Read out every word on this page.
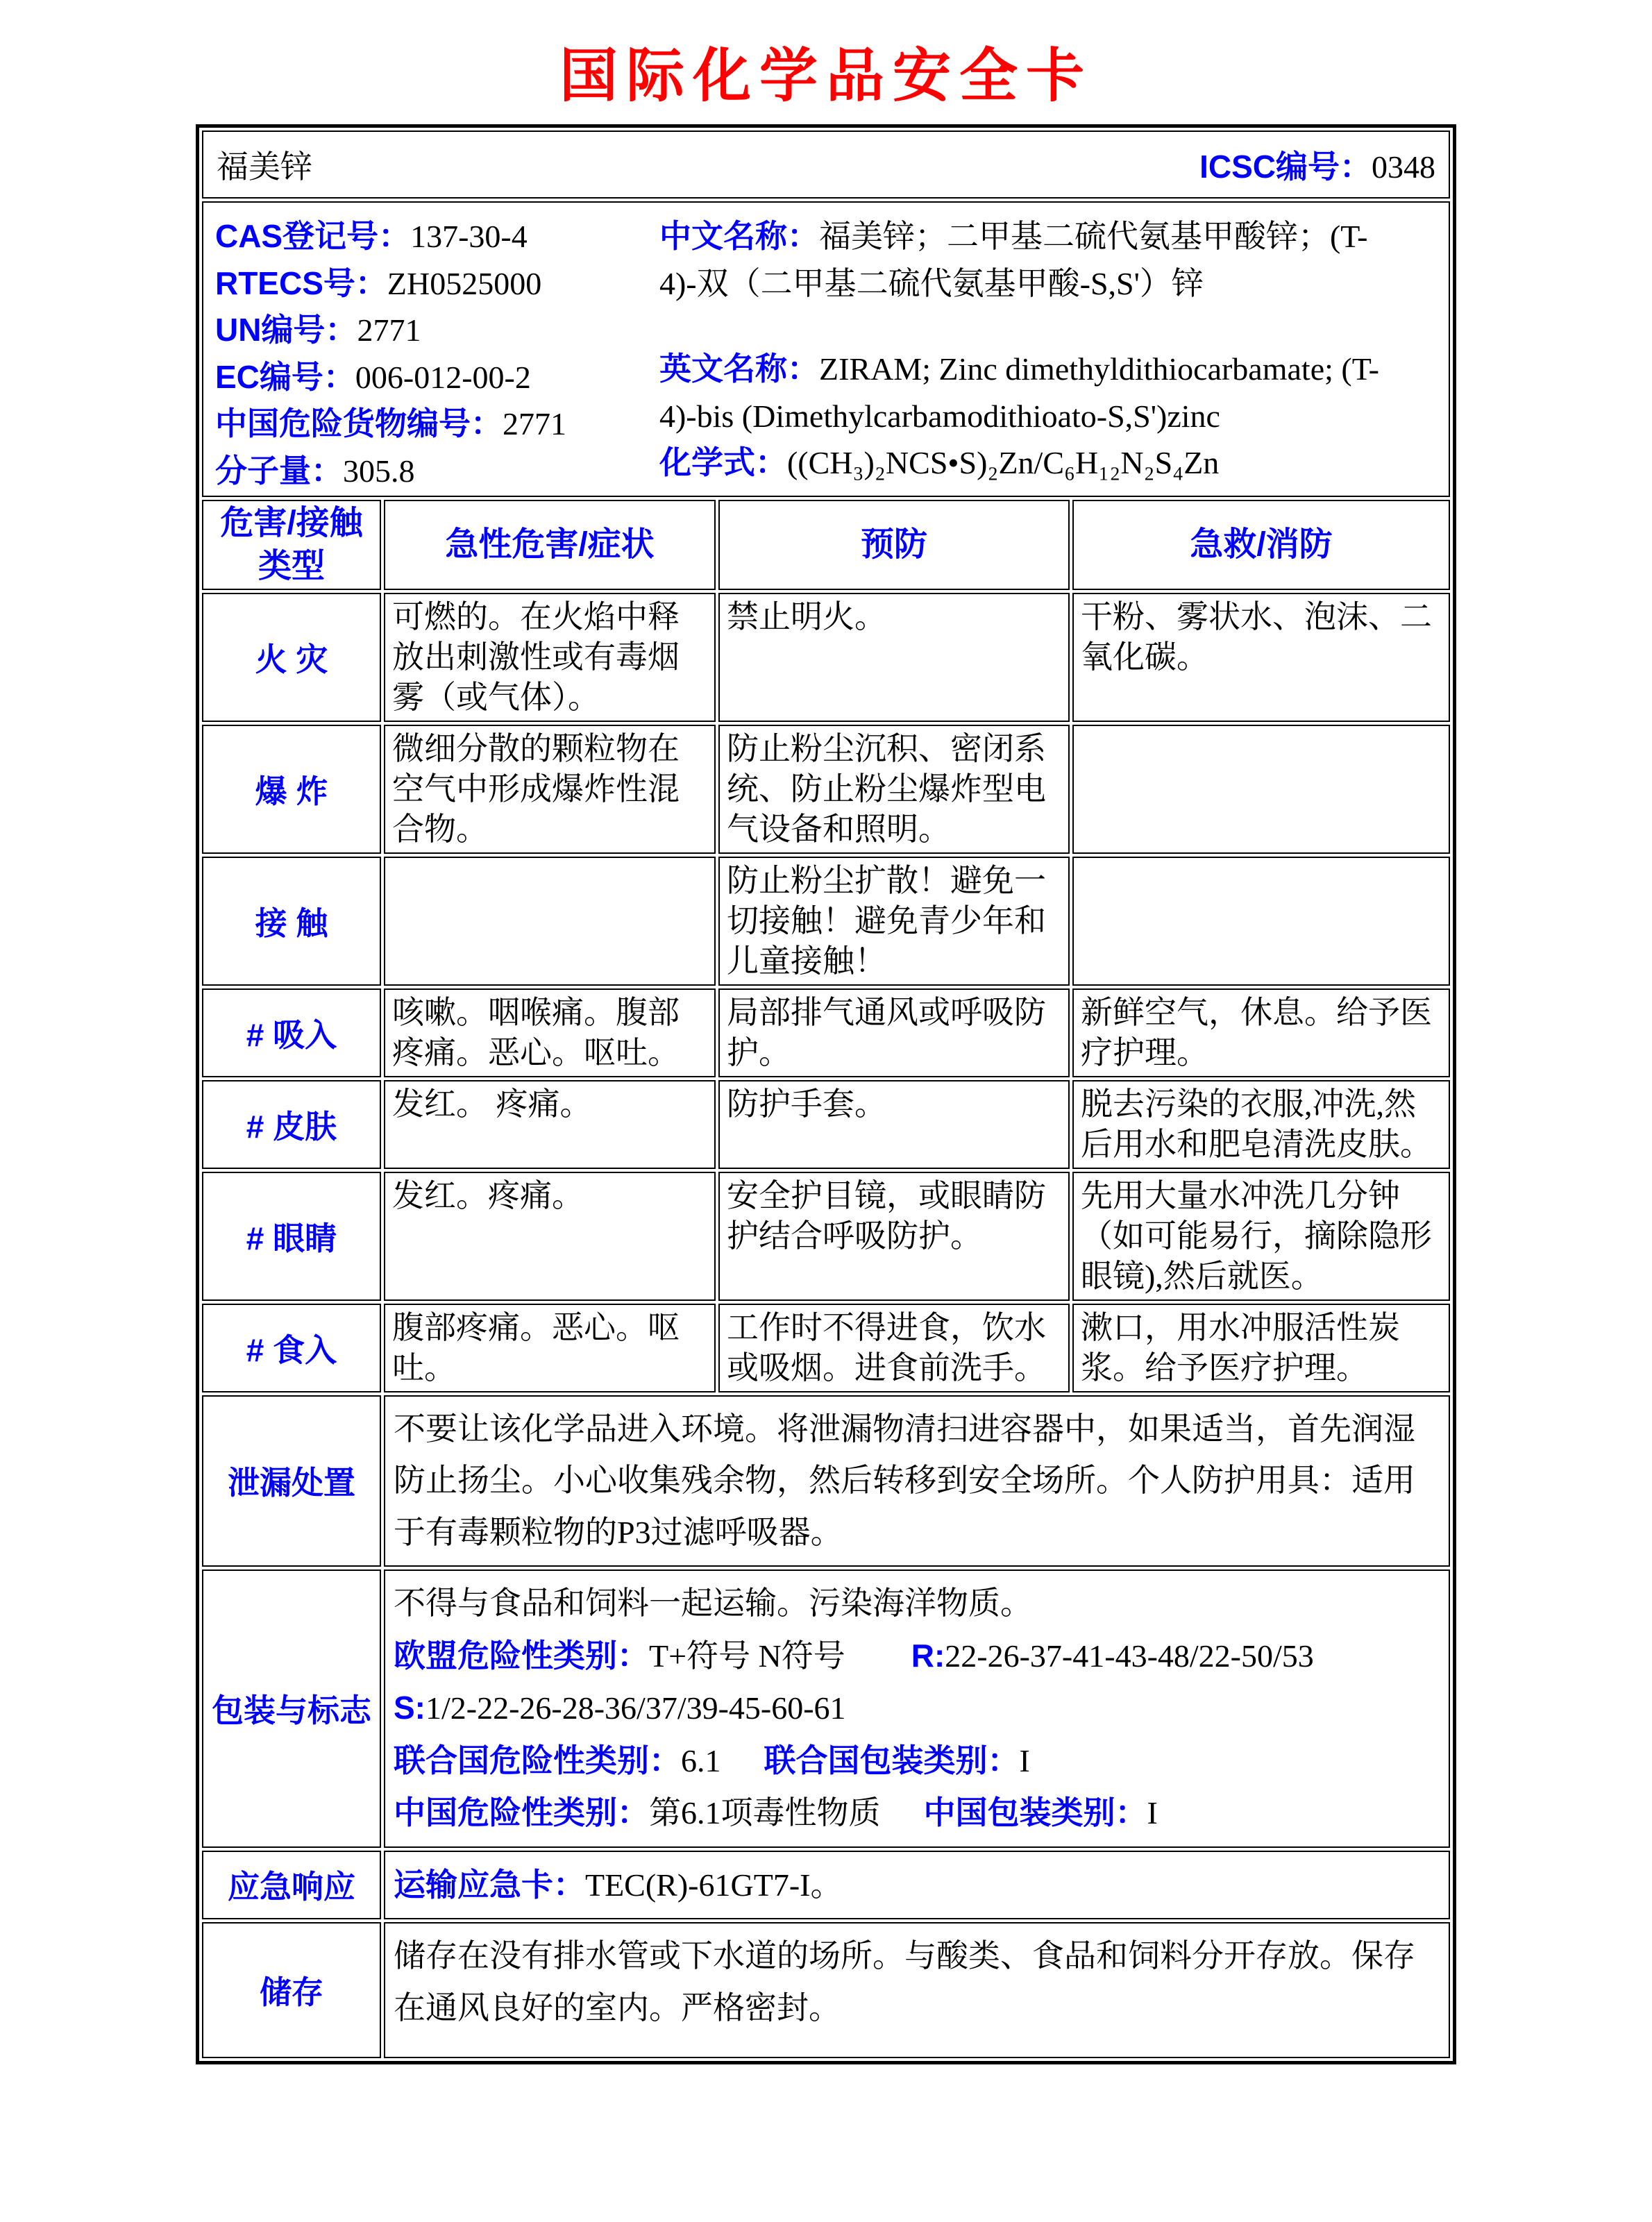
国际化学品安全卡
福美锌 ICSC编号：0348			

CAS登记号：137-30-4
RTECS号：ZH0525000
UN编号：2771
EC编号：006-012-00-2
中国危险货物编号：2771
分子量：305.8
中文名称：福美锌；二甲基二硫代氨基甲酸锌；(T-4)-双（二甲基二硫代氨基甲酸-S,S'）锌
英文名称：ZIRAM; Zinc dimethyldithiocarbamate; (T-4)-bis (Dimethylcarbamodithioato-S,S')zinc
化学式：((CH₃)₂NCS•S)₂Zn/C₆H₁₂N₂S₄Zn

危害/接触类型	急性危害/症状	预防	急救/消防
火 灾	可燃的。在火焰中释放出刺激性或有毒烟雾（或气体）。	禁止明火。	干粉、雾状水、泡沫、二氧化碳。
爆 炸	微细分散的颗粒物在空气中形成爆炸性混合物。	防止粉尘沉积、密闭系统、防止粉尘爆炸型电气设备和照明。	
接 触		防止粉尘扩散！避免一切接触！避免青少年和儿童接触！	
# 吸入	咳嗽。咽喉痛。腹部疼痛。恶心。呕吐。	局部排气通风或呼吸防护。	新鲜空气，休息。给予医疗护理。
# 皮肤	发红。 疼痛。	防护手套。	脱去污染的衣服,冲洗,然后用水和肥皂清洗皮肤。
# 眼睛	发红。疼痛。	安全护目镜，或眼睛防护结合呼吸防护。	先用大量水冲洗几分钟（如可能易行，摘除隐形眼镜),然后就医。
# 食入	腹部疼痛。恶心。呕吐。	工作时不得进食，饮水或吸烟。进食前洗手。	漱口，用水冲服活性炭浆。给予医疗护理。
泄漏处置	不要让该化学品进入环境。将泄漏物清扫进容器中，如果适当，首先润湿防止扬尘。小心收集残余物，然后转移到安全场所。个人防护用具：适用于有毒颗粒物的P3过滤呼吸器。		
包装与标志	不得与食品和饲料一起运输。污染海洋物质。
欧盟危险性类别：T+符号 N符号 R:22-26-37-41-43-48/22-50/53
S:1/2-22-26-28-36/37/39-45-60-61
联合国危险性类别：6.1 联合国包装类别：I
中国危险性类别：第6.1项毒性物质 中国包装类别：I		

应急响应	运输应急卡：TEC(R)-61GT7-I。		
储存	储存在没有排水管或下水道的场所。与酸类、食品和饲料分开存放。保存在通风良好的室内。严格密封。		
